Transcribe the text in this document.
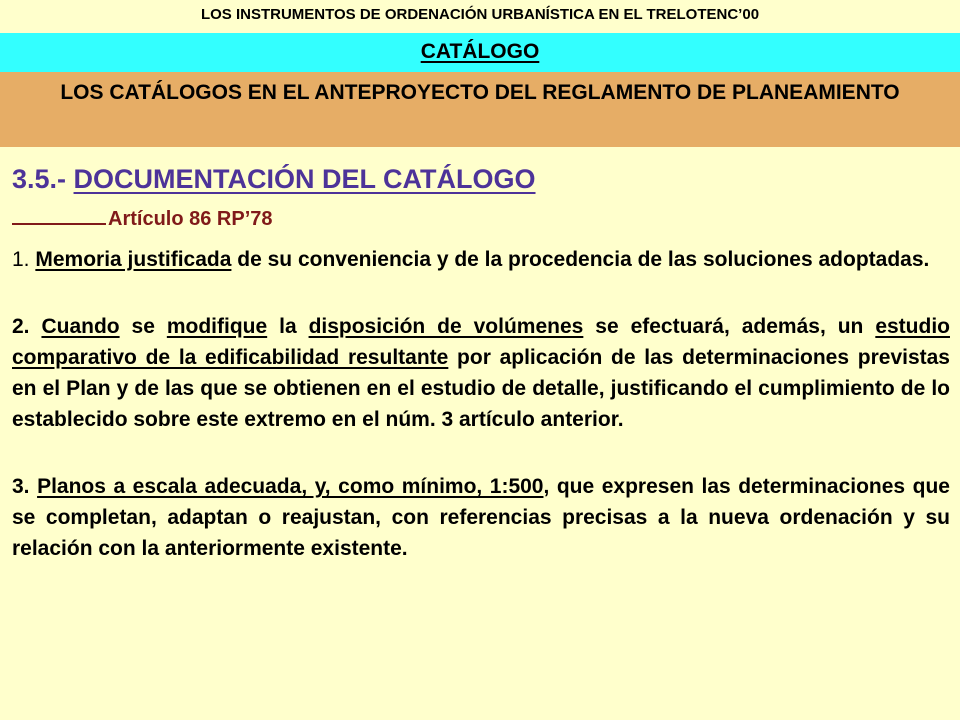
LOS INSTRUMENTOS DE ORDENACIÓN URBANÍSTICA EN EL TRELOTENC’00
CATÁLOGO
LOS CATÁLOGOS EN EL ANTEPROYECTO DEL REGLAMENTO DE PLANEAMIENTO
3.5.- DOCUMENTACIÓN DEL CATÁLOGO
Artículo 86 RP’78

1. Memoria justificada de su conveniencia y de la procedencia de las soluciones adoptadas.

2. Cuando se modifique la disposición de volúmenes se efectuará, además, un estudio comparativo de la edificabilidad resultante por aplicación de las determinaciones previstas en el Plan y de las que se obtienen en el estudio de detalle, justificando el cumplimiento de lo establecido sobre este extremo en el núm. 3 artículo anterior.

3. Planos a escala adecuada, y, como mínimo, 1:500, que expresen las determinaciones que se completan, adaptan o reajustan, con referencias precisas a la nueva ordenación y su relación con la anteriormente existente.
